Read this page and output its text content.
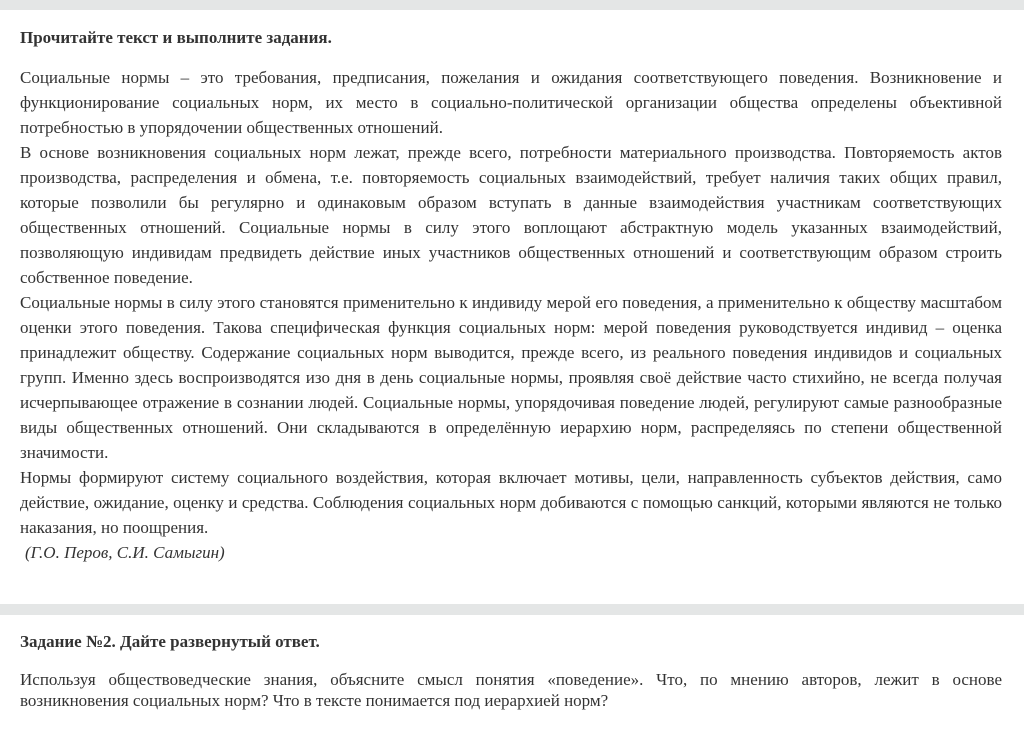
Прочитайте текст и выполните задания.

Социальные нормы – это требования, предписания, пожелания и ожидания соответствующего поведения. Возникновение и функционирование социальных норм, их место в социально-политической организации общества определены объективной потребностью в упорядочении общественных отношений.

В основе возникновения социальных норм лежат, прежде всего, потребности материального производства. Повторяемость актов производства, распределения и обмена, т.е. повторяемость социальных взаимодействий, требует наличия таких общих правил, которые позволили бы регулярно и одинаковым образом вступать в данные взаимодействия участникам соответствующих общественных отношений. Социальные нормы в силу этого воплощают абстрактную модель указанных взаимодействий, позволяющую индивидам предвидеть действие иных участников общественных отношений и соответствующим образом строить собственное поведение.

Социальные нормы в силу этого становятся применительно к индивиду мерой его поведения, а применительно к обществу масштабом оценки этого поведения. Такова специфическая функция социальных норм: мерой поведения руководствуется индивид – оценка принадлежит обществу. Содержание социальных норм выводится, прежде всего, из реального поведения индивидов и социальных групп. Именно здесь воспроизводятся изо дня в день социальные нормы, проявляя своё действие часто стихийно, не всегда получая исчерпывающее отражение в сознании людей. Социальные нормы, упорядочивая поведение людей, регулируют самые разнообразные виды общественных отношений. Они складываются в определённую иерархию норм, распределяясь по степени общественной значимости.

Нормы формируют систему социального воздействия, которая включает мотивы, цели, направленность субъектов действия, само действие, ожидание, оценку и средства. Соблюдения социальных норм добиваются с помощью санкций, которыми являются не только наказания, но поощрения.

(Г.О. Перов, С.И. Самыгин)

Задание №2. Дайте развернутый ответ.

Используя обществоведческие знания, объясните смысл понятия «поведение». Что, по мнению авторов, лежит в основе возникновения социальных норм? Что в тексте понимается под иерархией норм?
